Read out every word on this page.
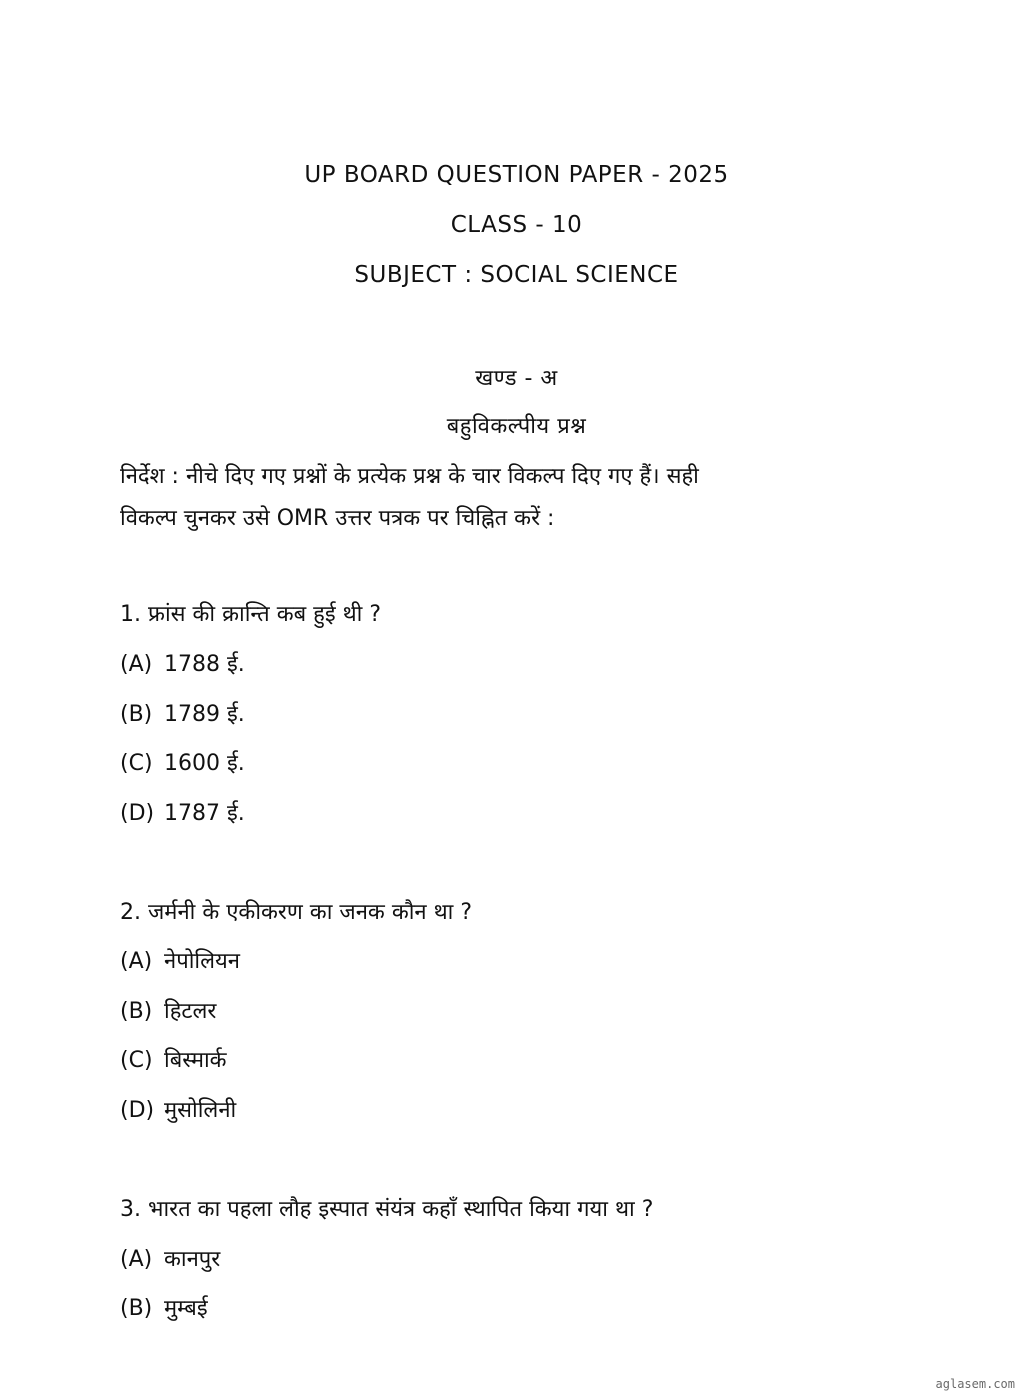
UP BOARD QUESTION PAPER - 2025
CLASS - 10
SUBJECT : SOCIAL SCIENCE
खण्ड - अ
बहुविकल्पीय प्रश्न
निर्देश : नीचे दिए गए प्रश्नों के प्रत्येक प्रश्न के चार विकल्प दिए गए हैं। सही
विकल्प चुनकर उसे OMR उत्तर पत्रक पर चिह्नित करें :
1. फ्रांस की क्रान्ति कब हुई थी ?
(A) 1788 ई.
(B) 1789 ई.
(C) 1600 ई.
(D) 1787 ई.
2. जर्मनी के एकीकरण का जनक कौन था ?
(A) नेपोलियन
(B) हिटलर
(C) बिस्मार्क
(D) मुसोलिनी
3. भारत का पहला लौह इस्पात संयंत्र कहाँ स्थापित किया गया था ?
(A) कानपुर
(B) मुम्बई
aglasem.com
